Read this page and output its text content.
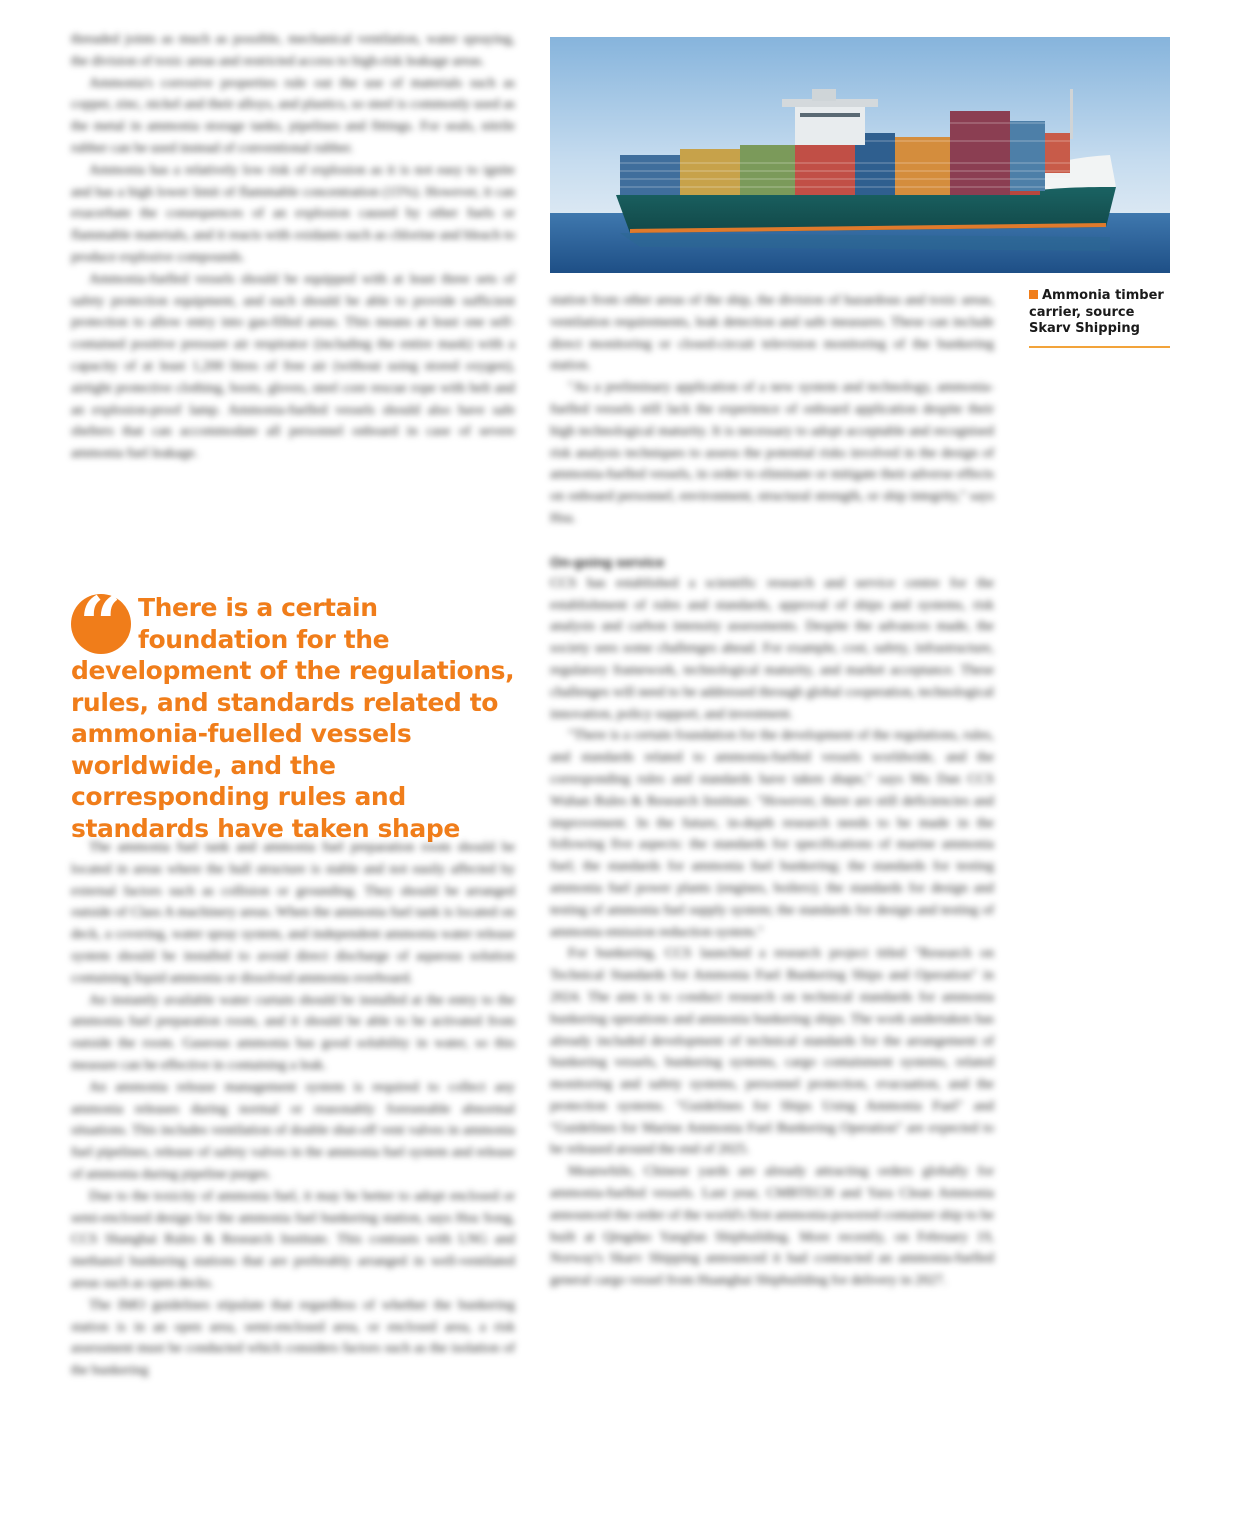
threaded joints as much as possible, mechanical ventilation, water spraying, the division of toxic areas and restricted access to high-risk leakage areas.

Ammonia's corrosive properties rule out the use of materials such as copper, zinc, nickel and their alloys, and plastics, so steel is commonly used as the metal in ammonia storage tanks, pipelines and fittings. For seals, nitrile rubber can be used instead of conventional rubber.

Ammonia has a relatively low risk of explosion as it is not easy to ignite and has a high lower limit of flammable concentration (15%). However, it can exacerbate the consequences of an explosion caused by other fuels or flammable materials, and it reacts with oxidants such as chlorine and bleach to produce explosive compounds.

Ammonia-fuelled vessels should be equipped with at least three sets of safety protection equipment, and each should be able to provide sufficient protection to allow entry into gas-filled areas. This means at least one self-contained positive pressure air respirator (including the entire mask) with a capacity of at least 1,200 litres of free air (without using stored oxygen), airtight protective clothing, boots, gloves, steel core rescue rope with belt and an explosion-proof lamp. Ammonia-fuelled vessels should also have safe shelters that can accommodate all personnel onboard in case of severe ammonia fuel leakage.

“ There is a certain foundation for the development of the regulations, rules, and standards related to ammonia-fuelled vessels worldwide, and the corresponding rules and standards have taken shape

The ammonia fuel tank and ammonia fuel preparation room should be located in areas where the hull structure is stable and not easily affected by external factors such as collision or grounding. They should be arranged outside of Class A machinery areas. When the ammonia fuel tank is located on deck, a covering, water spray system, and independent ammonia water release system should be installed to avoid direct discharge of aqueous solution containing liquid ammonia or dissolved ammonia overboard.

An instantly available water curtain should be installed at the entry to the ammonia fuel preparation room, and it should be able to be activated from outside the room. Gaseous ammonia has good solubility in water, so this measure can be effective in containing a leak.

An ammonia release management system is required to collect any ammonia releases during normal or reasonably foreseeable abnormal situations. This includes ventilation of double shut-off vent valves in ammonia fuel pipelines, release of safety valves in the ammonia fuel system and release of ammonia during pipeline purges.

Due to the toxicity of ammonia fuel, it may be better to adopt enclosed or semi-enclosed design for the ammonia fuel bunkering station, says Hsu Song, CCS Shanghai Rules & Research Institute. This contrasts with LNG and methanol bunkering stations that are preferably arranged in well-ventilated areas such as open decks.

The IMO guidelines stipulate that regardless of whether the bunkering station is in an open area, semi-enclosed area, or enclosed area, a risk assessment must be conducted which considers factors such as the isolation of the bunkering

Ammonia timber carrier, source Skarv Shipping

station from other areas of the ship, the division of hazardous and toxic areas, ventilation requirements, leak detection and safe measures. These can include direct monitoring or closed-circuit television monitoring of the bunkering station.

"As a preliminary application of a new system and technology, ammonia-fuelled vessels still lack the experience of onboard application despite their high technological maturity. It is necessary to adopt acceptable and recognised risk analysis techniques to assess the potential risks involved in the design of ammonia-fuelled vessels, in order to eliminate or mitigate their adverse effects on onboard personnel, environment, structural strength, or ship integrity," says Hsu.

On-going service

CCS has established a scientific research and service centre for the establishment of rules and standards, approval of ships and systems, risk analysis and carbon intensity assessments. Despite the advances made, the society sees some challenges ahead. For example, cost, safety, infrastructure, regulatory framework, technological maturity, and market acceptance. These challenges will need to be addressed through global cooperation, technological innovation, policy support, and investment.

"There is a certain foundation for the development of the regulations, rules, and standards related to ammonia-fuelled vessels worldwide, and the corresponding rules and standards have taken shape," says Mu Dan CCS Wuhan Rules & Research Institute. "However, there are still deficiencies and improvement. In the future, in-depth research needs to be made in the following five aspects: the standards for specifications of marine ammonia fuel; the standards for ammonia fuel bunkering; the standards for testing ammonia fuel power plants (engines, boilers); the standards for design and testing of ammonia fuel supply system; the standards for design and testing of ammonia emission reduction system."

For bunkering, CCS launched a research project titled "Research on Technical Standards for Ammonia Fuel Bunkering Ships and Operation" in 2024. The aim is to conduct research on technical standards for ammonia bunkering operations and ammonia bunkering ships. The work undertaken has already included development of technical standards for the arrangement of bunkering vessels, bunkering systems, cargo containment systems, related monitoring and safety systems, personnel protection, evacuation, and the protection systems. "Guidelines for Ships Using Ammonia Fuel" and "Guidelines for Marine Ammonia Fuel Bunkering Operation" are expected to be released around the end of 2025.

Meanwhile, Chinese yards are already attracting orders globally for ammonia-fuelled vessels. Last year, CMBTECH and Yara Clean Ammonia announced the order of the world's first ammonia-powered container ship to be built at Qingdao Yangfan Shipbuilding. More recently, on February 19, Norway's Skarv Shipping announced it had contracted an ammonia-fuelled general cargo vessel from Huanghai Shipbuilding for delivery in 2027.
